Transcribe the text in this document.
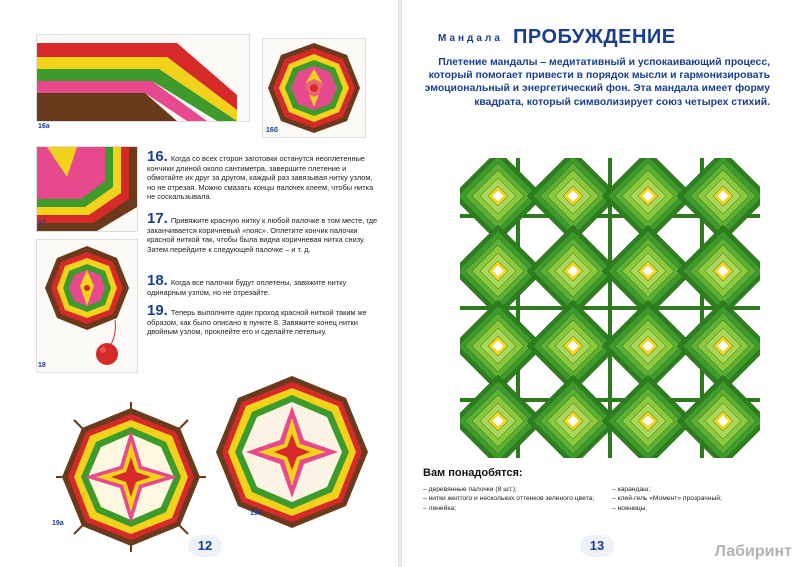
16а
16б
17
18
16. Когда со всех сторон заготовки останутся неоплетенные кончики длиной около сантиметра, завершите плетение и обмотайте их друг за другом, каждый раз завязывая нитку узлом, но не отрезая. Можно смазать концы палочек клеем, чтобы нитка не соскальзывала.
17. Привяжите красную нитку к любой палочке в том месте, где заканчивается коричневый «пояс». Оплетите кончик палочки красной ниткой так, чтобы была видна коричневая нитка снизу. Затем перейдите к следующей палочке – и т. д.
18. Когда все палочки будут оплетены, завяжите нитку одинарным узлом, но не отрезайте.
19. Теперь выполните один проход красной ниткой таким же образом, как было описано в пункте 8. Завяжите конец нитки двойным узлом, проклейте его и сделайте петельку.
19а
19б
12	13
Мандала ПРОБУЖДЕНИЕ
Плетение мандалы – медитативный и успокаивающий процесс, который помогает привести в порядок мысли и гармонизировать эмоциональный и энергетический фон. Эта мандала имеет форму квадрата, который символизирует союз четырех стихий.
Вам понадобятся:
– деревянные палочки (8 шт.);
– нитки желтого и нескольких оттенков зеленого цвета;
– линейка;
– карандаш;
– клей-гель «Момент» прозрачный;
– ножницы.
Лабиринт
